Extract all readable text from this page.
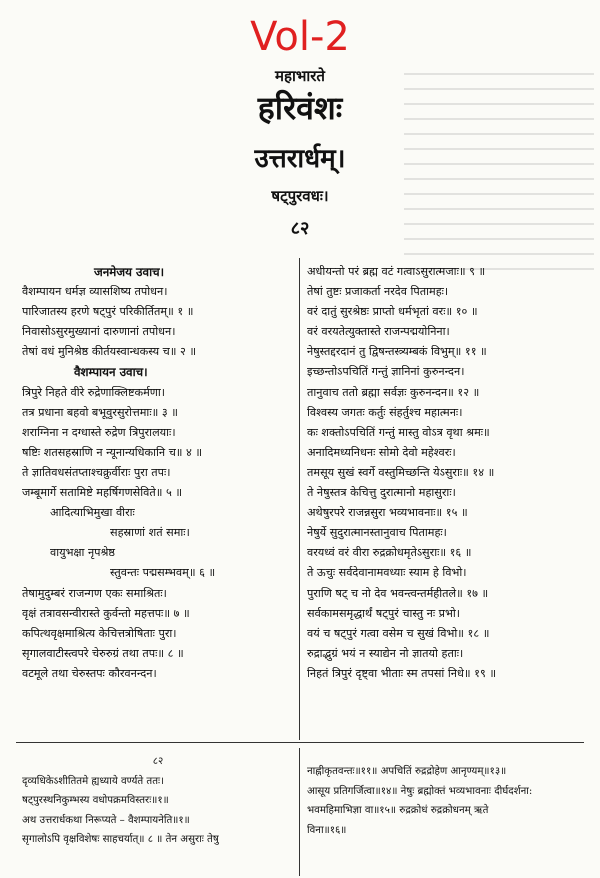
Vol-2
महाभारते
हरिवंशः
उत्तरार्धम्।
षट्पुरवधः।
८२
जनमेजय उवाच।
वैशम्पायन धर्मज्ञ व्यासशिष्य तपोधन।
पारिजातस्य हरणे षट्पुरं परिकीर्तितम्॥ १ ॥
निवासोऽसुरमुख्यानां दारुणानां तपोधन।
तेषां वधं मुनिश्रेष्ठ कीर्तयस्वान्धकस्य च॥ २ ॥
वैशम्पायन उवाच।
त्रिपुरे निहते वीरे रुद्रेणाक्लिष्टकर्मणा।
तत्र प्रधाना बहवो बभूवुरसुरोत्तमाः॥ ३ ॥
शराग्निना न दग्धास्ते रुद्रेण त्रिपुरालयाः।
षष्टिः शतसहस्राणि न न्यूनान्यधिकानि च॥ ४ ॥
ते ज्ञातिवधसंतप्ताश्चक्रुर्वीराः पुरा तपः।
जम्बूमार्गे सतामिष्टे महर्षिगणसेविते॥ ५ ॥
आदित्याभिमुखा वीराः
सहस्राणां शतं समाः।
वायुभक्षा नृपश्रेष्ठ
स्तुवन्तः पद्मसम्भवम्॥ ६ ॥
तेषामुदुम्बरं राजन्गण एकः समाश्रितः।
वृक्षं तत्रावसन्वीरास्ते कुर्वन्तो महत्तपः॥ ७ ॥
कपित्थवृक्षमाश्रित्य केचित्तत्रोषिताः पुरा।
सृगालवाटीस्त्वपरे चेरुरुग्रं तथा तपः॥ ८ ॥
वटमूले तथा चेरुस्तपः कौरवनन्दन।
अधीयन्तो परं ब्रह्म वटं गत्वाऽसुरात्मजाः॥ ९ ॥
तेषां तुष्टः प्रजाकर्ता नरदेव पितामहः।
वरं दातुं सुरश्रेष्ठः प्राप्तो धर्मभृतां वरः॥ १० ॥
वरं वरयतेत्युक्तास्ते राजन्पद्मयोनिना।
नेषुस्तद्दरदानं तु द्विषन्तस्त्र्यम्बकं विभुम्॥ ११ ॥
इच्छन्तोऽपचितिं गन्तुं ज्ञानिनां कुरुनन्दन।
तानुवाच ततो ब्रह्मा सर्वज्ञः कुरुनन्दन॥ १२ ॥
विश्वस्य जगतः कर्तुः संहर्तुश्च महात्मनः।
कः शक्तोऽपचितिं गन्तुं मास्तु वोऽत्र वृथा श्रमः॥
अनादिमध्यनिधनः सोमो देवो महेश्वरः।
तमसूय सुखं स्वर्गे वस्तुमिच्छन्ति येऽसुराः॥ १४ ॥
ते नेषुस्तत्र केचित्तु दुरात्मानो महासुराः।
अथेषुरपरे राजन्नसुरा भव्यभावनाः॥ १५ ॥
नेषुर्ये सुदुरात्मानस्तानुवाच पितामहः।
वरयध्वं वरं वीरा रुद्रक्रोधमृतेऽसुराः॥ १६ ॥
ते ऊचुः सर्वदेवानामवध्याः स्याम हे विभो।
पुराणि षट् च नो देव भवन्त्वन्तर्महीतले॥ १७ ॥
सर्वकामसमृद्धार्थं षट्पुरं चास्तु नः प्रभो।
वयं च षट्पुरं गत्वा वसेम च सुखं विभो॥ १८ ॥
रुद्राद्भुग्रं भयं न स्याद्येन नो ज्ञातयो हताः।
निहतं त्रिपुरं दृष्ट्वा भीताः स्म तपसां निधे॥ १९ ॥
८२
दृव्यधिकेऽशीतितमे ह्यध्याये वर्ण्यते ततः।
षट्पुरस्थनिकुम्भस्य वधोपक्रमविस्तरः॥१॥
अथ उत्तरार्धकथा निरूप्यते – वैशम्पायनेति॥१॥
सृगालोऽपि वृक्षविशेषः साहचर्यात्॥ ८ ॥ तेन असुराः तेषु
नाह्नीकृतवन्तः॥११॥ अपचितिं रुद्रद्रोहेण आनृण्यम्॥१३॥
आसूय प्रतिगर्जित्वा॥१४॥ नेषुः ब्रह्मोक्तं भव्यभावनाः दीर्घदर्शना:
भवमहिमाभिज्ञा वा॥१५॥ रुद्रक्रोधं रुद्रक्रोधनम् ऋते
विना॥१६॥
